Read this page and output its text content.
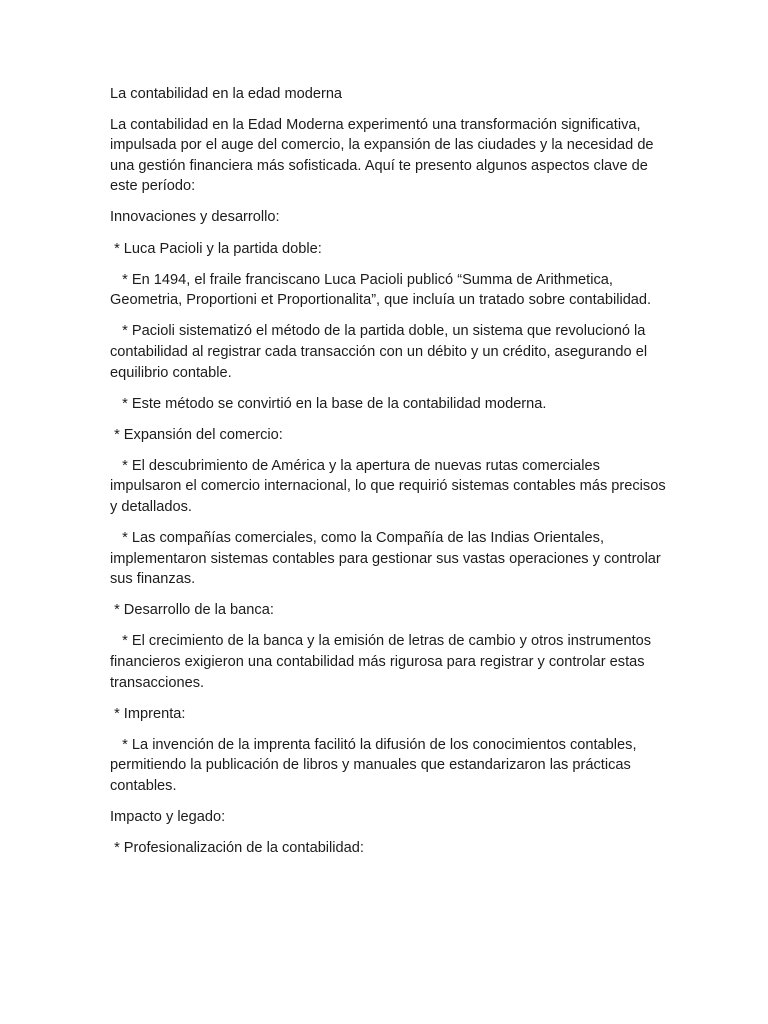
La contabilidad en la edad moderna

La contabilidad en la Edad Moderna experimentó una transformación significativa, impulsada por el auge del comercio, la expansión de las ciudades y la necesidad de una gestión financiera más sofisticada. Aquí te presento algunos aspectos clave de este período:

Innovaciones y desarrollo:

* Luca Pacioli y la partida doble:

* En 1494, el fraile franciscano Luca Pacioli publicó “Summa de Arithmetica, Geometria, Proportioni et Proportionalita”, que incluía un tratado sobre contabilidad.

* Pacioli sistematizó el método de la partida doble, un sistema que revolucionó la contabilidad al registrar cada transacción con un débito y un crédito, asegurando el equilibrio contable.

* Este método se convirtió en la base de la contabilidad moderna.

* Expansión del comercio:

* El descubrimiento de América y la apertura de nuevas rutas comerciales impulsaron el comercio internacional, lo que requirió sistemas contables más precisos y detallados.

* Las compañías comerciales, como la Compañía de las Indias Orientales, implementaron sistemas contables para gestionar sus vastas operaciones y controlar sus finanzas.

* Desarrollo de la banca:

* El crecimiento de la banca y la emisión de letras de cambio y otros instrumentos financieros exigieron una contabilidad más rigurosa para registrar y controlar estas transacciones.

* Imprenta:

* La invención de la imprenta facilitó la difusión de los conocimientos contables, permitiendo la publicación de libros y manuales que estandarizaron las prácticas contables.

Impacto y legado:

* Profesionalización de la contabilidad:
